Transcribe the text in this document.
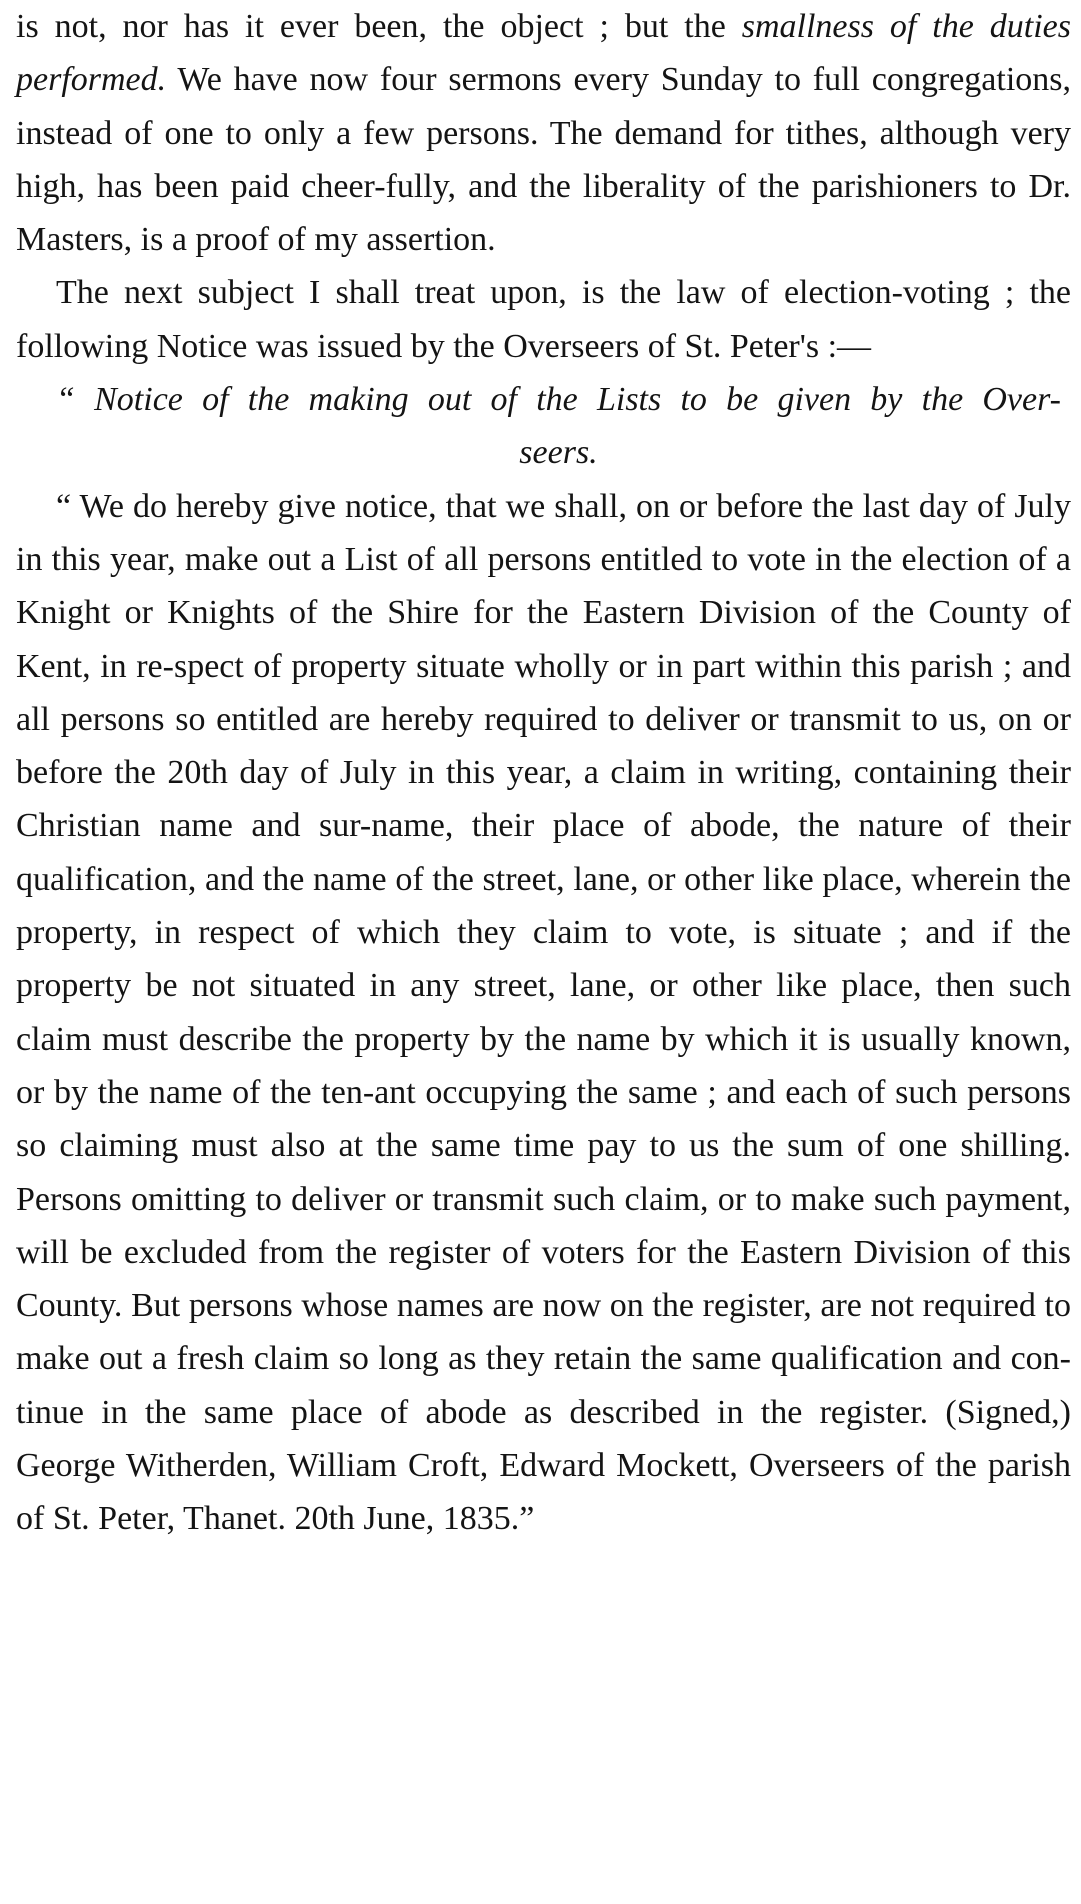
is not, nor has it ever been, the object ; but the smallness of the duties performed. We have now four sermons every Sunday to full congregations, instead of one to only a few persons. The demand for tithes, although very high, has been paid cheer-fully, and the liberality of the parishioners to Dr. Masters, is a proof of my assertion.

The next subject I shall treat upon, is the law of election-voting ; the following Notice was issued by the Overseers of St. Peter's :—

“ Notice of the making out of the Lists to be given by the Over-
seers.

“ We do hereby give notice, that we shall, on or before the last day of July in this year, make out a List of all persons entitled to vote in the election of a Knight or Knights of the Shire for the Eastern Division of the County of Kent, in re-spect of property situate wholly or in part within this parish ; and all persons so entitled are hereby required to deliver or transmit to us, on or before the 20th day of July in this year, a claim in writing, containing their Christian name and sur-name, their place of abode, the nature of their qualification, and the name of the street, lane, or other like place, wherein the property, in respect of which they claim to vote, is situate ; and if the property be not situated in any street, lane, or other like place, then such claim must describe the property by the name by which it is usually known, or by the name of the ten-ant occupying the same ; and each of such persons so claiming must also at the same time pay to us the sum of one shilling. Persons omitting to deliver or transmit such claim, or to make such payment, will be excluded from the register of voters for the Eastern Division of this County. But persons whose names are now on the register, are not required to make out a fresh claim so long as they retain the same qualification and con-tinue in the same place of abode as described in the register. (Signed,) George Witherden, William Croft, Edward Mockett, Overseers of the parish of St. Peter, Thanet. 20th June, 1835.”
